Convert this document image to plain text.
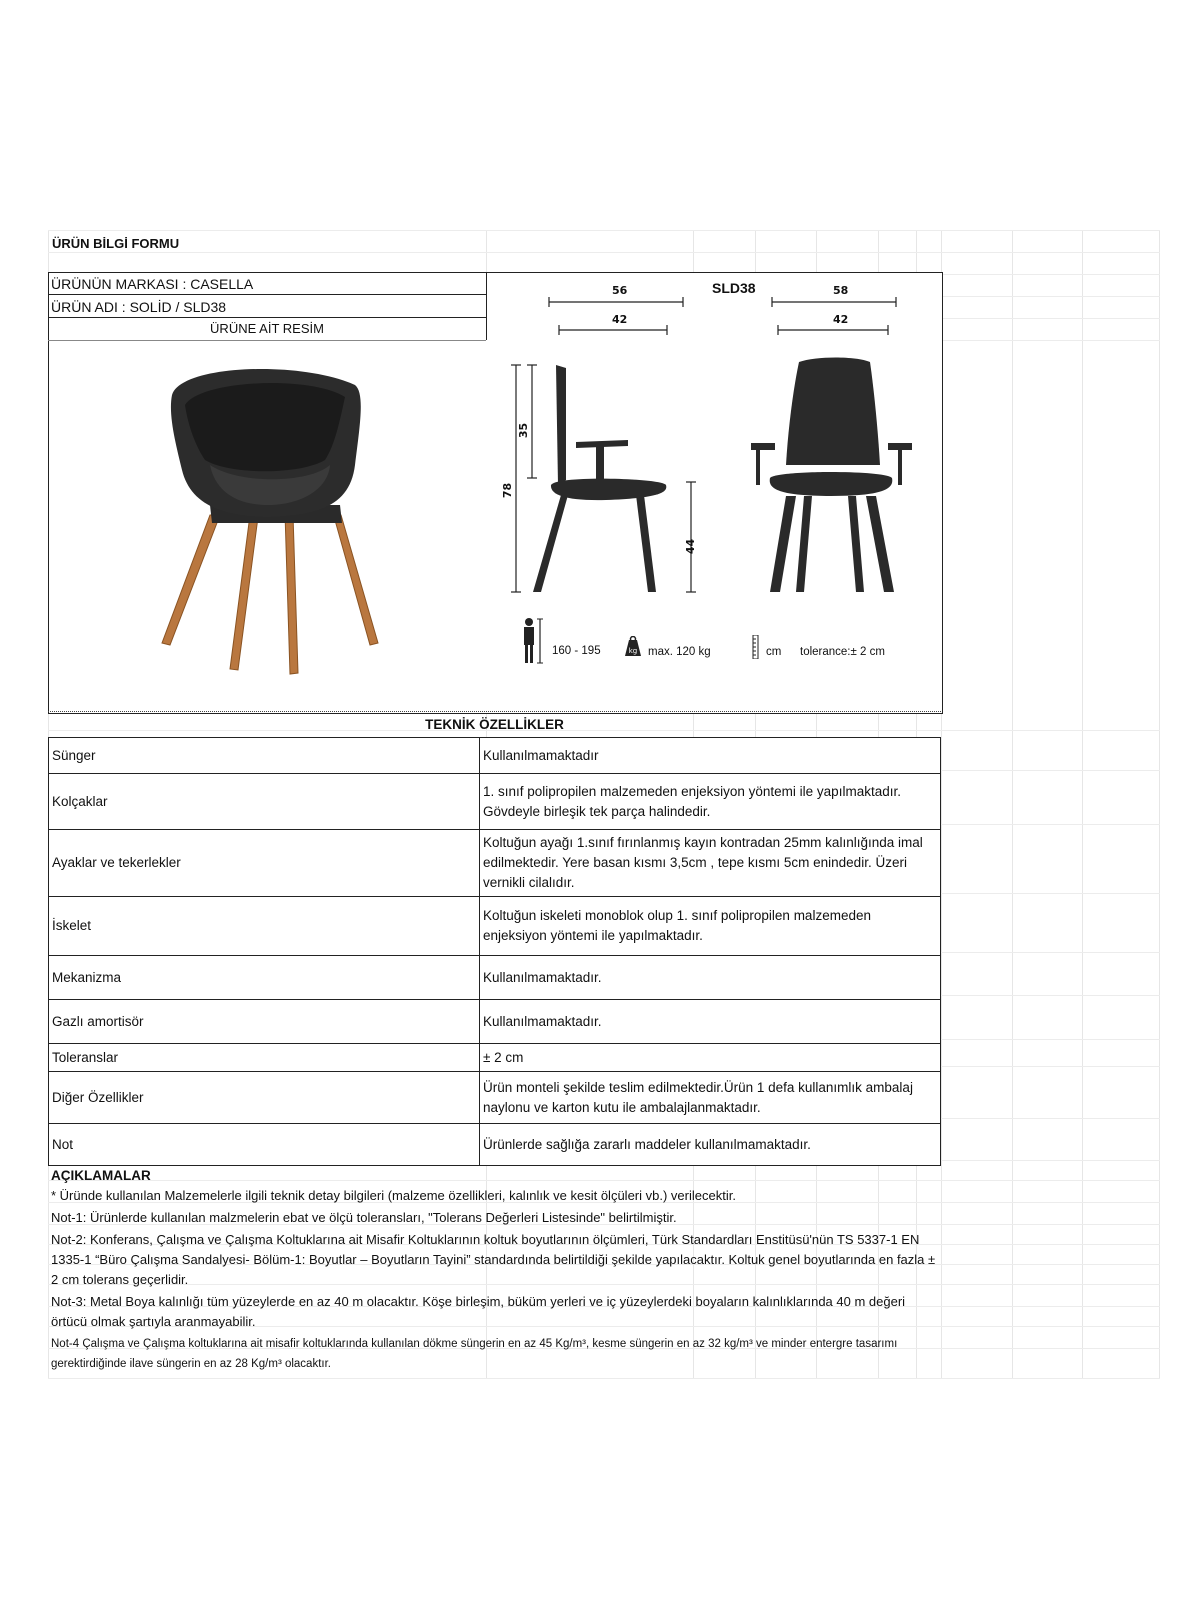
ÜRÜN BİLGİ FORMU
ÜRÜNÜN MARKASI : CASELLA
ÜRÜN ADI : SOLİD / SLD38
ÜRÜNE AİT RESİM
SLD38
56
42
58
42
35
78
44
160 - 195	kg max. 120 kg	cm tolerance:± 2 cm
TEKNİK ÖZELLİKLER
Sünger	Kullanılmamaktadır
Kolçaklar	1. sınıf polipropilen malzemeden enjeksiyon yöntemi ile yapılmaktadır. Gövdeyle birleşik tek parça halindedir.
Ayaklar ve tekerlekler	Koltuğun ayağı 1.sınıf fırınlanmış kayın kontradan 25mm kalınlığında imal edilmektedir. Yere basan kısmı 3,5cm , tepe kısmı 5cm enindedir. Üzeri vernikli cilalıdır.
İskelet	Koltuğun iskeleti monoblok olup 1. sınıf polipropilen malzemeden enjeksiyon yöntemi ile yapılmaktadır.
Mekanizma	Kullanılmamaktadır.
Gazlı amortisör	Kullanılmamaktadır.
Toleranslar	± 2 cm
Diğer Özellikler	Ürün monteli şekilde teslim edilmektedir.Ürün 1 defa kullanımlık ambalaj naylonu ve karton kutu ile ambalajlanmaktadır.
Not	Ürünlerde sağlığa zararlı maddeler kullanılmamaktadır.
AÇIKLAMALAR
* Üründe kullanılan Malzemelerle ilgili teknik detay bilgileri (malzeme özellikleri, kalınlık ve kesit ölçüleri vb.) verilecektir.
Not-1: Ürünlerde kullanılan malzmelerin ebat ve ölçü toleransları, "Tolerans Değerleri Listesinde" belirtilmiştir.
Not-2: Konferans, Çalışma ve Çalışma Koltuklarına ait Misafir Koltuklarının koltuk boyutlarının ölçümleri, Türk Standardları Enstitüsü'nün TS 5337-1 EN 1335-1 “Büro Çalışma Sandalyesi- Bölüm-1: Boyutlar – Boyutların Tayini” standardında belirtildiği şekilde yapılacaktır. Koltuk genel boyutlarında en fazla ± 2 cm tolerans geçerlidir.
Not-3: Metal Boya kalınlığı tüm yüzeylerde en az 40 m olacaktır. Köşe birleşim, büküm yerleri ve iç yüzeylerdeki boyaların kalınlıklarında 40 m değeri örtücü olmak şartıyla aranmayabilir.
Not-4 Çalışma ve Çalışma koltuklarına ait misafir koltuklarında kullanılan dökme süngerin en az 45 Kg/m³, kesme süngerin en az 32 kg/m³ ve minder entergre tasarımı gerektirdiğinde ilave süngerin en az 28 Kg/m³ olacaktır.
